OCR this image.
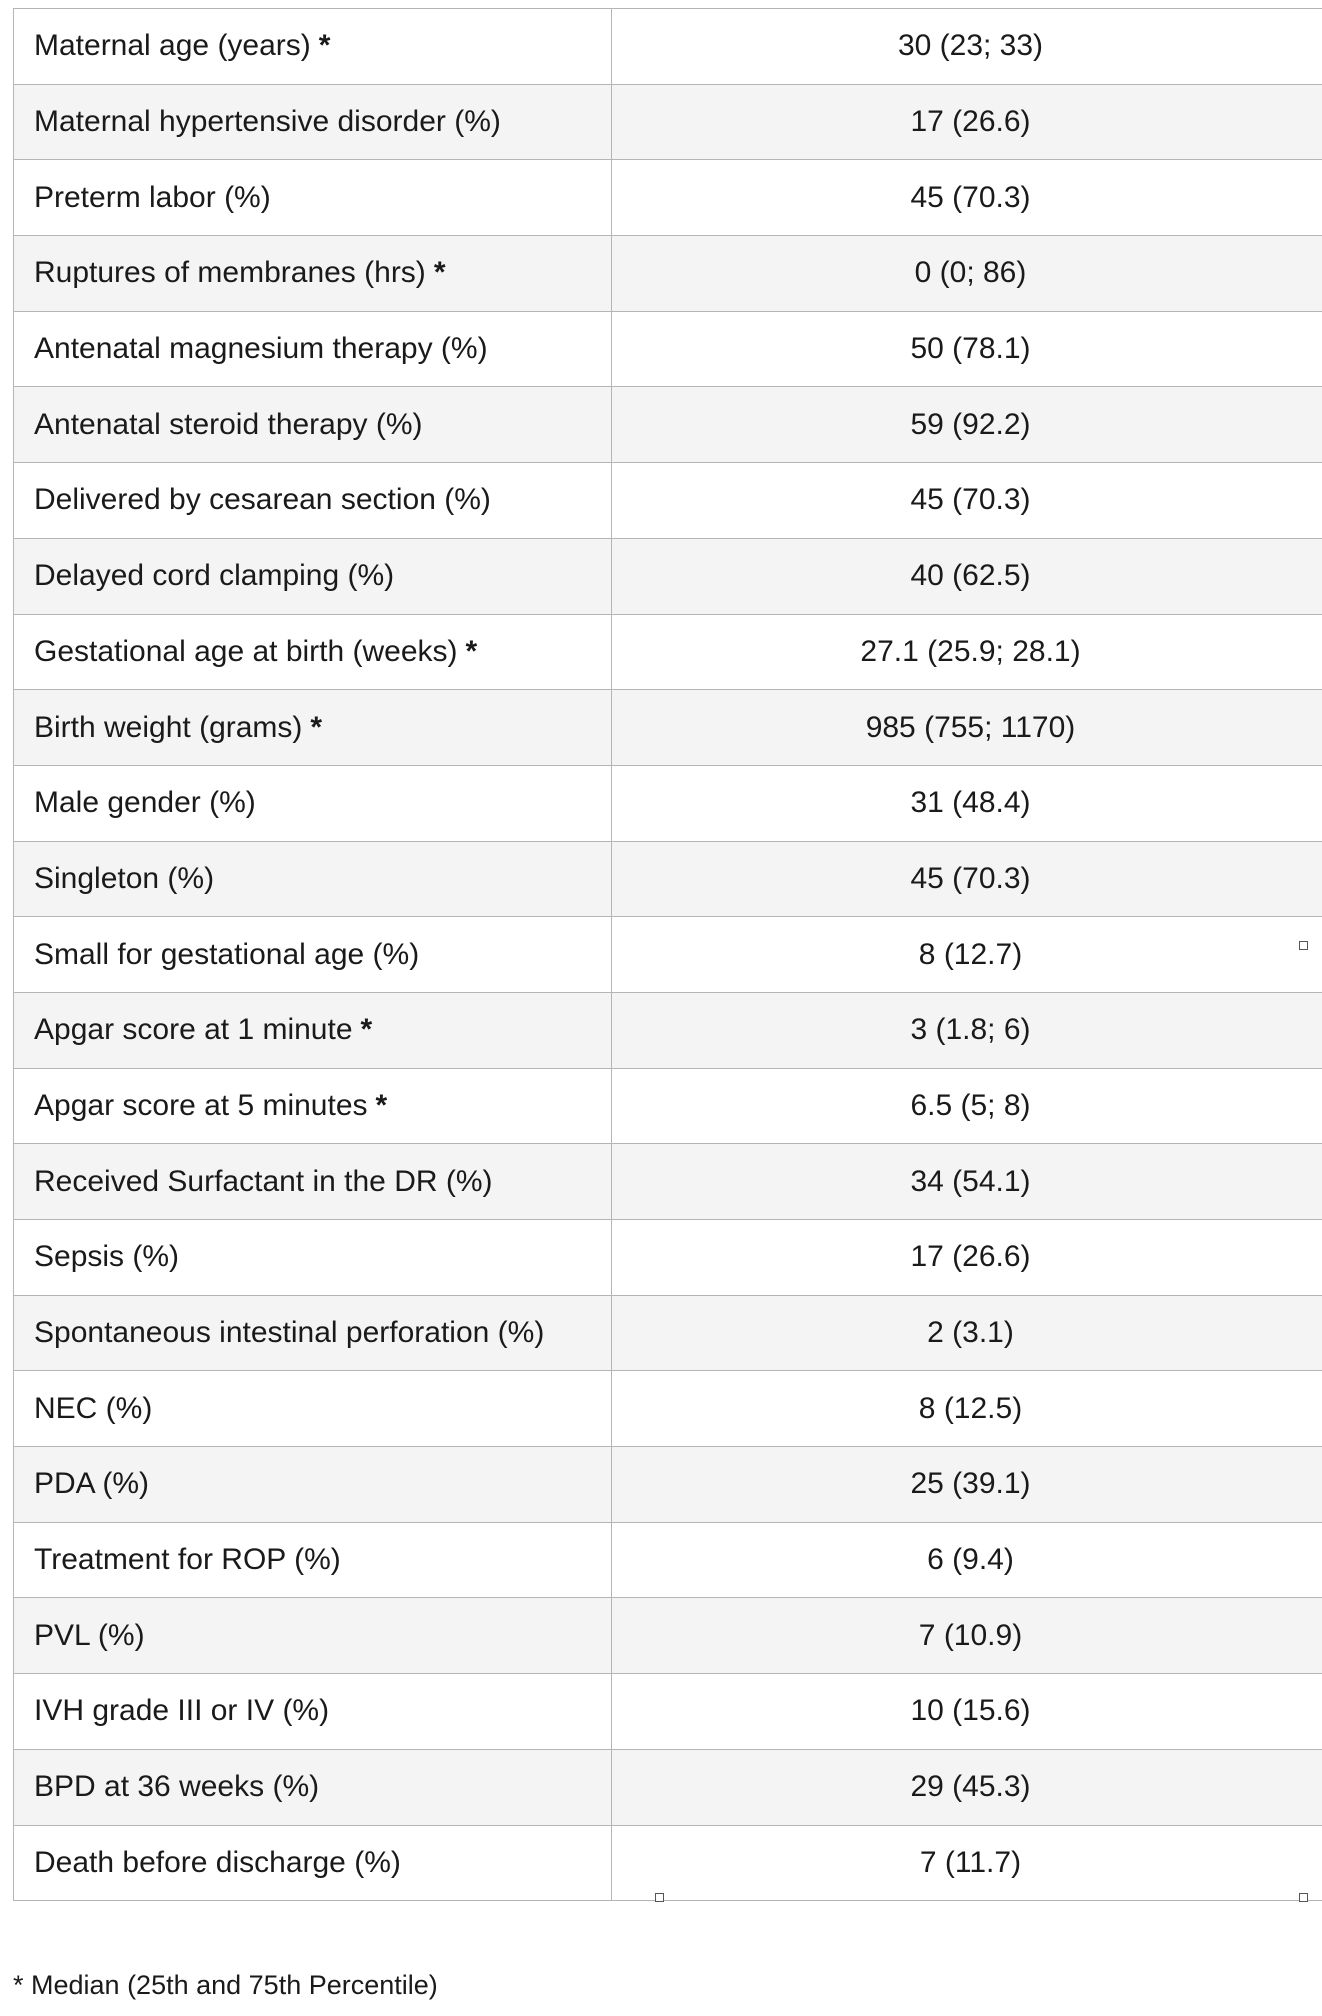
Maternal age (years) *	30 (23; 33)
Maternal hypertensive disorder (%)	17 (26.6)
Preterm labor (%)	45 (70.3)
Ruptures of membranes (hrs) *	0 (0; 86)
Antenatal magnesium therapy (%)	50 (78.1)
Antenatal steroid therapy (%)	59 (92.2)
Delivered by cesarean section (%)	45 (70.3)
Delayed cord clamping (%)	40 (62.5)
Gestational age at birth (weeks) *	27.1 (25.9; 28.1)
Birth weight (grams) *	985 (755; 1170)
Male gender (%)	31 (48.4)
Singleton (%)	45 (70.3)
Small for gestational age (%)	8 (12.7)
Apgar score at 1 minute *	3 (1.8; 6)
Apgar score at 5 minutes *	6.5 (5; 8)
Received Surfactant in the DR (%)	34 (54.1)
Sepsis (%)	17 (26.6)
Spontaneous intestinal perforation (%)	2 (3.1)
NEC (%)	8 (12.5)
PDA (%)	25 (39.1)
Treatment for ROP (%)	6 (9.4)
PVL (%)	7 (10.9)
IVH grade III or IV (%)	10 (15.6)
BPD at 36 weeks (%)	29 (45.3)
Death before discharge (%)	7 (11.7)
* Median (25th and 75th Percentile)
